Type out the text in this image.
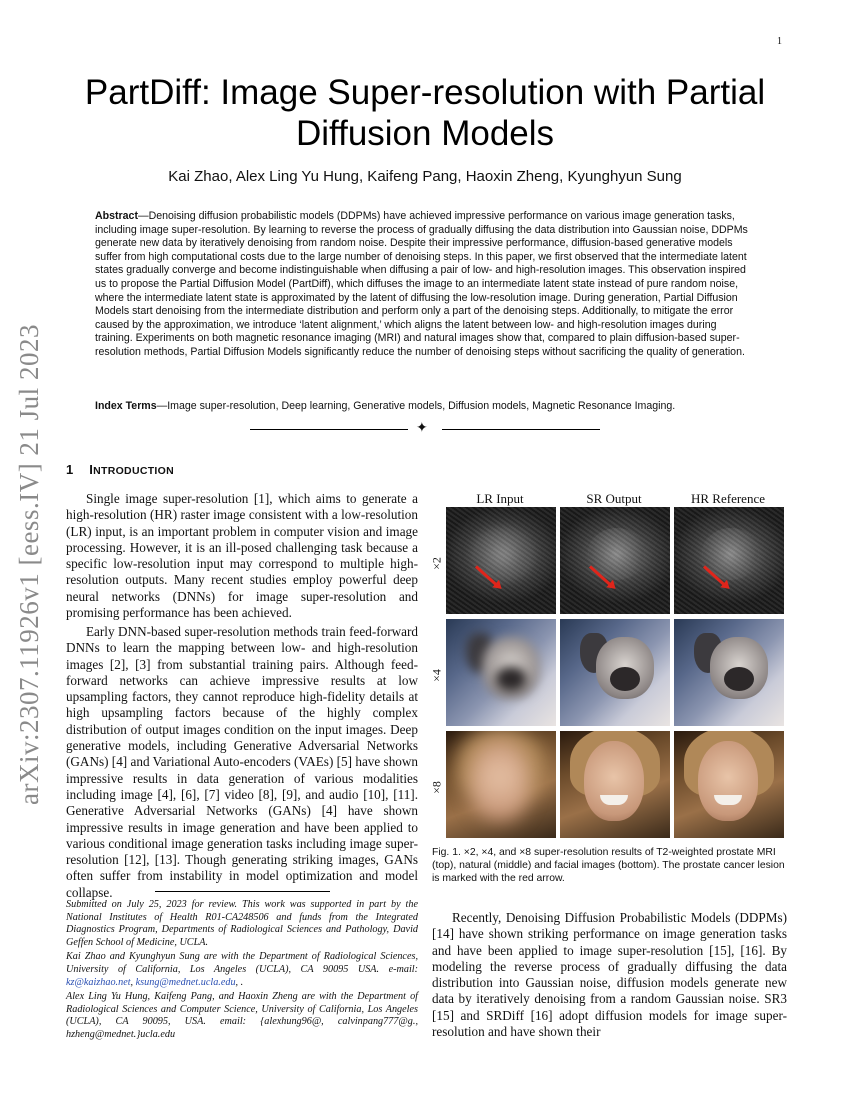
1
arXiv:2307.11926v1 [eess.IV] 21 Jul 2023
PartDiff: Image Super-resolution with Partial Diffusion Models
Kai Zhao, Alex Ling Yu Hung, Kaifeng Pang, Haoxin Zheng, Kyunghyun Sung
Abstract—Denoising diffusion probabilistic models (DDPMs) have achieved impressive performance on various image generation tasks, including image super-resolution. By learning to reverse the process of gradually diffusing the data distribution into Gaussian noise, DDPMs generate new data by iteratively denoising from random noise. Despite their impressive performance, diffusion-based generative models suffer from high computational costs due to the large number of denoising steps. In this paper, we first observed that the intermediate latent states gradually converge and become indistinguishable when diffusing a pair of low- and high-resolution images. This observation inspired us to propose the Partial Diffusion Model (PartDiff), which diffuses the image to an intermediate latent state instead of pure random noise, where the intermediate latent state is approximated by the latent of diffusing the low-resolution image. During generation, Partial Diffusion Models start denoising from the intermediate distribution and perform only a part of the denoising steps. Additionally, to mitigate the error caused by the approximation, we introduce ‘latent alignment,’ which aligns the latent between low- and high-resolution images during training. Experiments on both magnetic resonance imaging (MRI) and natural images show that, compared to plain diffusion-based super-resolution methods, Partial Diffusion Models significantly reduce the number of denoising steps without sacrificing the quality of generation.
Index Terms—Image super-resolution, Deep learning, Generative models, Diffusion models, Magnetic Resonance Imaging.
✦
1 INTRODUCTION

Single image super-resolution [1], which aims to generate a high-resolution (HR) raster image consistent with a low-resolution (LR) input, is an important problem in computer vision and image processing. However, it is an ill-posed challenging task because a specific low-resolution input may correspond to multiple high-resolution outputs. Many recent studies employ powerful deep neural networks (DNNs) for image super-resolution and promising performance has been achieved.

Early DNN-based super-resolution methods train feed-forward DNNs to learn the mapping between low- and high-resolution images [2], [3] from substantial training pairs. Although feed-forward networks can achieve impressive results at low upsampling factors, they cannot reproduce high-fidelity details at high upsampling factors because of the highly complex distribution of output images condition on the input images. Deep generative models, including Generative Adversarial Networks (GANs) [4] and Variational Auto-encoders (VAEs) [5] have shown impressive results in data generation of various modalities including image [4], [6], [7] video [8], [9], and audio [10], [11]. Generative Adversarial Networks (GANs) [4] have shown impressive results in image generation and have been applied to various conditional image generation tasks including image super-resolution [12], [13]. Though generating striking images, GANs often suffer from instability in model optimization and model collapse.

Submitted on July 25, 2023 for review. This work was supported in part by the National Institutes of Health R01-CA248506 and funds from the Integrated Diagnostics Program, Departments of Radiological Sciences and Pathology, David Geffen School of Medicine, UCLA.

Kai Zhao and Kyunghyun Sung are with the Department of Radiological Sciences, University of California, Los Angeles (UCLA), CA 90095 USA. e-mail: kz@kaizhao.net, ksung@mednet.ucla.edu, .

Alex Ling Yu Hung, Kaifeng Pang, and Haoxin Zheng are with the Department of Radiological Sciences and Computer Science, University of California, Los Angeles (UCLA), CA 90095, USA. email: {alexhung96@, calvinpang777@g., hzheng@mednet.}ucla.edu

LR Input	SR Output	HR Reference
×2
×4
×8
Fig. 1. ×2, ×4, and ×8 super-resolution results of T2-weighted prostate MRI (top), natural (middle) and facial images (bottom). The prostate cancer lesion is marked with the red arrow.

Recently, Denoising Diffusion Probabilistic Models (DDPMs) [14] have shown striking performance on image generation tasks and have been applied to image super-resolution [15], [16]. By modeling the reverse process of gradually diffusing the data distribution into Gaussian noise, diffusion models generate new data by iteratively denoising from a random Gaussian noise. SR3 [15] and SRDiff [16] adopt diffusion models for image super-resolution and have shown their
